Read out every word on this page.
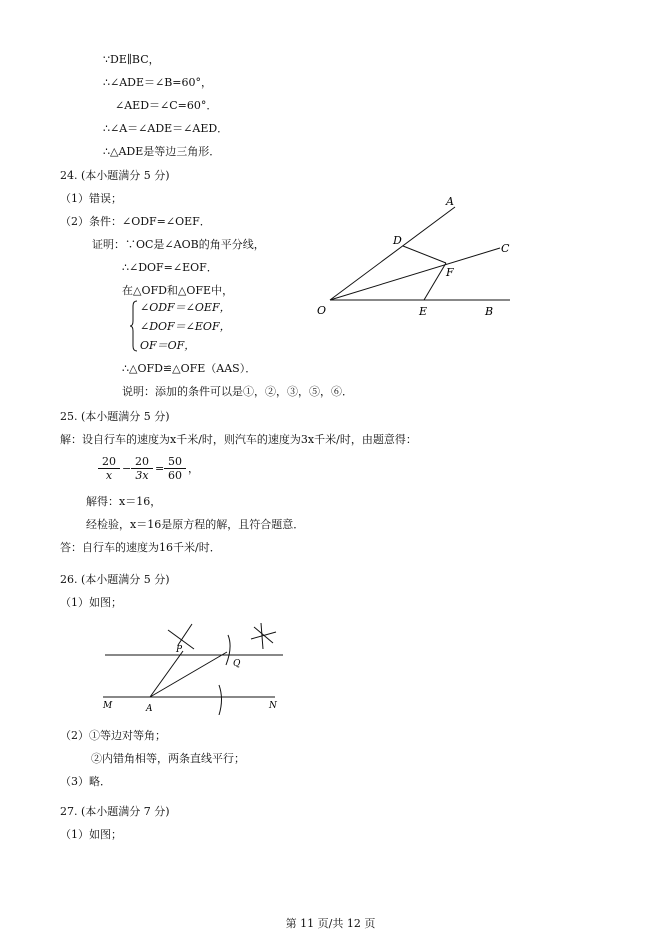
∵DE∥BC，
∴∠ADE＝∠B=60°，
∠AED＝∠C=60°．
∴∠A＝∠ADE＝∠AED．
∴△ADE是等边三角形．
24. (本小题满分 5 分)
（1）错误；
（2）条件：∠ODF=∠OEF．
证明：∵OC是∠AOB的角平分线，
∴∠DOF=∠EOF．
在△OFD和△OFE中，
∠ODF＝∠OEF，
∠DOF＝∠EOF，
OF＝OF，
∴△OFD≌△OFE（AAS）．
说明：添加的条件可以是①，②，③，⑤，⑥．
A
C
D
F
O	E	B
25. (本小题满分 5 分)
解：设自行车的速度为x千米/时，则汽车的速度为3x千米/时，由题意得：
$\frac{20}{x} - \frac{20}{3x} = \frac{50}{60}$ ，
解得：x＝16，
经检验，x＝16是原方程的解，且符合题意．
答：自行车的速度为16千米/时．
26. (本小题满分 5 分)
（1）如图；
P
Q
M	A	N
（2）①等边对等角；
②内错角相等，两条直线平行；
（3）略．
27. (本小题满分 7 分)
（1）如图；
第 11 页/共 12 页
